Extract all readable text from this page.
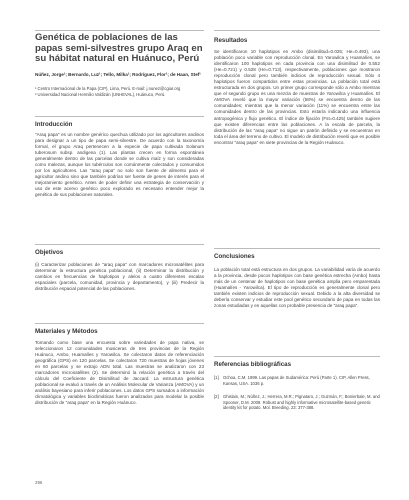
Genética de poblaciones de las papas semi-silvestres grupo Araq en su hábitat natural en Huánuco, Perú
Núñez, Jorge¹; Bernardo, Luz¹; Tello, Milka¹; Rodríguez, Flor¹; de Haan, Stef¹
¹ Centro Internacional de la Papa (CIP), Lima, Perú. E-mail: j.nunez@cgiar.org
² Universidad Nacional Hermilio Valdizán (UNHEVAL), Huánuco, Perú.
Introducción
"Araq papa" es un nombre genérico quechua utilizado por los agricultores andinos para designar a un tipo de papa semi-silvestre. De acuerdo con la taxonomía formal, el grupo Araq pertenecen a la especie de papa cultivada Solanum tuberosum subsp. andigena (1). Las plantas crecen en forma espontánea generalmente dentro de las parcelas donde se cultiva maíz y son consideradas como malezas, aunque los tubérculos son comúnmente colectados y consumidos por los agricultores. Las "araq papa" no solo son fuente de alimento para el agricultor andino sino que también podrían ser fuente de genes de interés para el mejoramiento genético. Antes de poder definir una estrategia de conservación y uso de este acervo genético poco explorado es necesario entender mejor la genética de sus poblaciones naturales.
Objetivos
(i) Caracterizar poblaciones de "araq papa" con marcadores microsatélites para determinar la estructura genética poblacional, (ii) Determinar la distribución y cambios en frecuencias de haplotipos y alelos a cuatro diferentes escalas espaciales (parcela, comunidad, provincia y departamento), y (iii) Predecir la distribución espacial potencial de las poblaciones.
Materiales y Métodos
Tomando como base una encuesta sobre variedades de papa nativa, se seleccionaron 12 comunidades musiceras de tres provincias de la Región Huánuco, Ambo, Huamalíes y Yarowilca. Se colectaron datos de referenciación geográfica (GPS) en 120 parcelas. Se colectaron 720 muestras de hojas jóvenes en 60 parcelas y se extrajo ADN total. Las muestras se analizaron con 23 marcadores microsatélites (2). Se determinó la relación genética a través del cálculo del Coeficiente de Disimilitud de Jaccard. La estructura genética poblacional se evaluó a través de un Análisis Molecular de Varianza (AMOVA) y un análisis bayesiano para inferir poblaciones. Los datos GPS sumados a información climatológica y variables bioclimáticas fueron analizados para modelar la posible distribución de "araq papa" en la Región Huánuco.
Resultados
Se identificaron 10 haplotipos en Ambo (disimilitud=0.025; He=0.493), una población poco variable con reproducción clonal. En Yarowilca y Huamalíes, se identificaron 100 haplotipos en cada provincia con una disimilitud de 0.552 (He=0.721) y 0.528 (He=0.713), respectivamente, poblaciones que mostraron reproducción clonal pero también indicios de reproducción sexual. Sólo 4 haplotipos fueron compartidos entre estas provincias. La población total está estructurada en dos grupos. Un primer grupo corresponde sólo a Ambo mientras que el segundo grupo es una mezcla de muestras de Yarowilca y Huamalíes. El AMOVA reveló que la mayor variación (58%) se encuentra dentro de las comunidades; mientras que la menor variación (11%) se encuentra entre las comunidades dentro de las provincias. Esto estaría indicando una influencia antropogénica y flujo genético. El índice de fijación (Fst=0.425) también sugiere que existen diferencias entre las poblaciones. A la escala de parcela, la distribución de las "araq papa" no sigue un patrón definido y se encuentran en toda el área del terreno de cultivo. El modelo de distribución reveló que es posible encontrar "araq papa" en siete provincias de la Región Huánuco.
Conclusiones
La población total está estructura en dos grupos. La variabilidad varía de acuerdo a la provincia, desde pocos haplotipos con base genética estrecha (Ambo) hasta más de un centenar de haplotipos con base genética amplia pero emparentada (Huamalíes - Yarowilca). El tipo de reproducción es generalmente clonal pero también existen indicios de reproducción sexual. Debido a la alta diversidad se debería conservar y estudiar este pool genético secundario de papa en todas las zonas estudiadas y en aquellas con probable presencia de "araq papa".
Referencias bibliográficas
[1] Ochoa, C.M. 1999. Las papas de Sudamérica: Perú (Parte 1). CIP, Allen Press, Kansas, USA. 1036 p.
[2] Ghislain, M.; Núñez, J.; Herrera, M.R.; Pignataro, J.; Guzmán, F.; Bonierbale, M. and Spooner, D.M. 2009. Robust and highly informative microsatellite-based genetic identity kit for potato. Mol. Breeding. 23: 377-388.
296
